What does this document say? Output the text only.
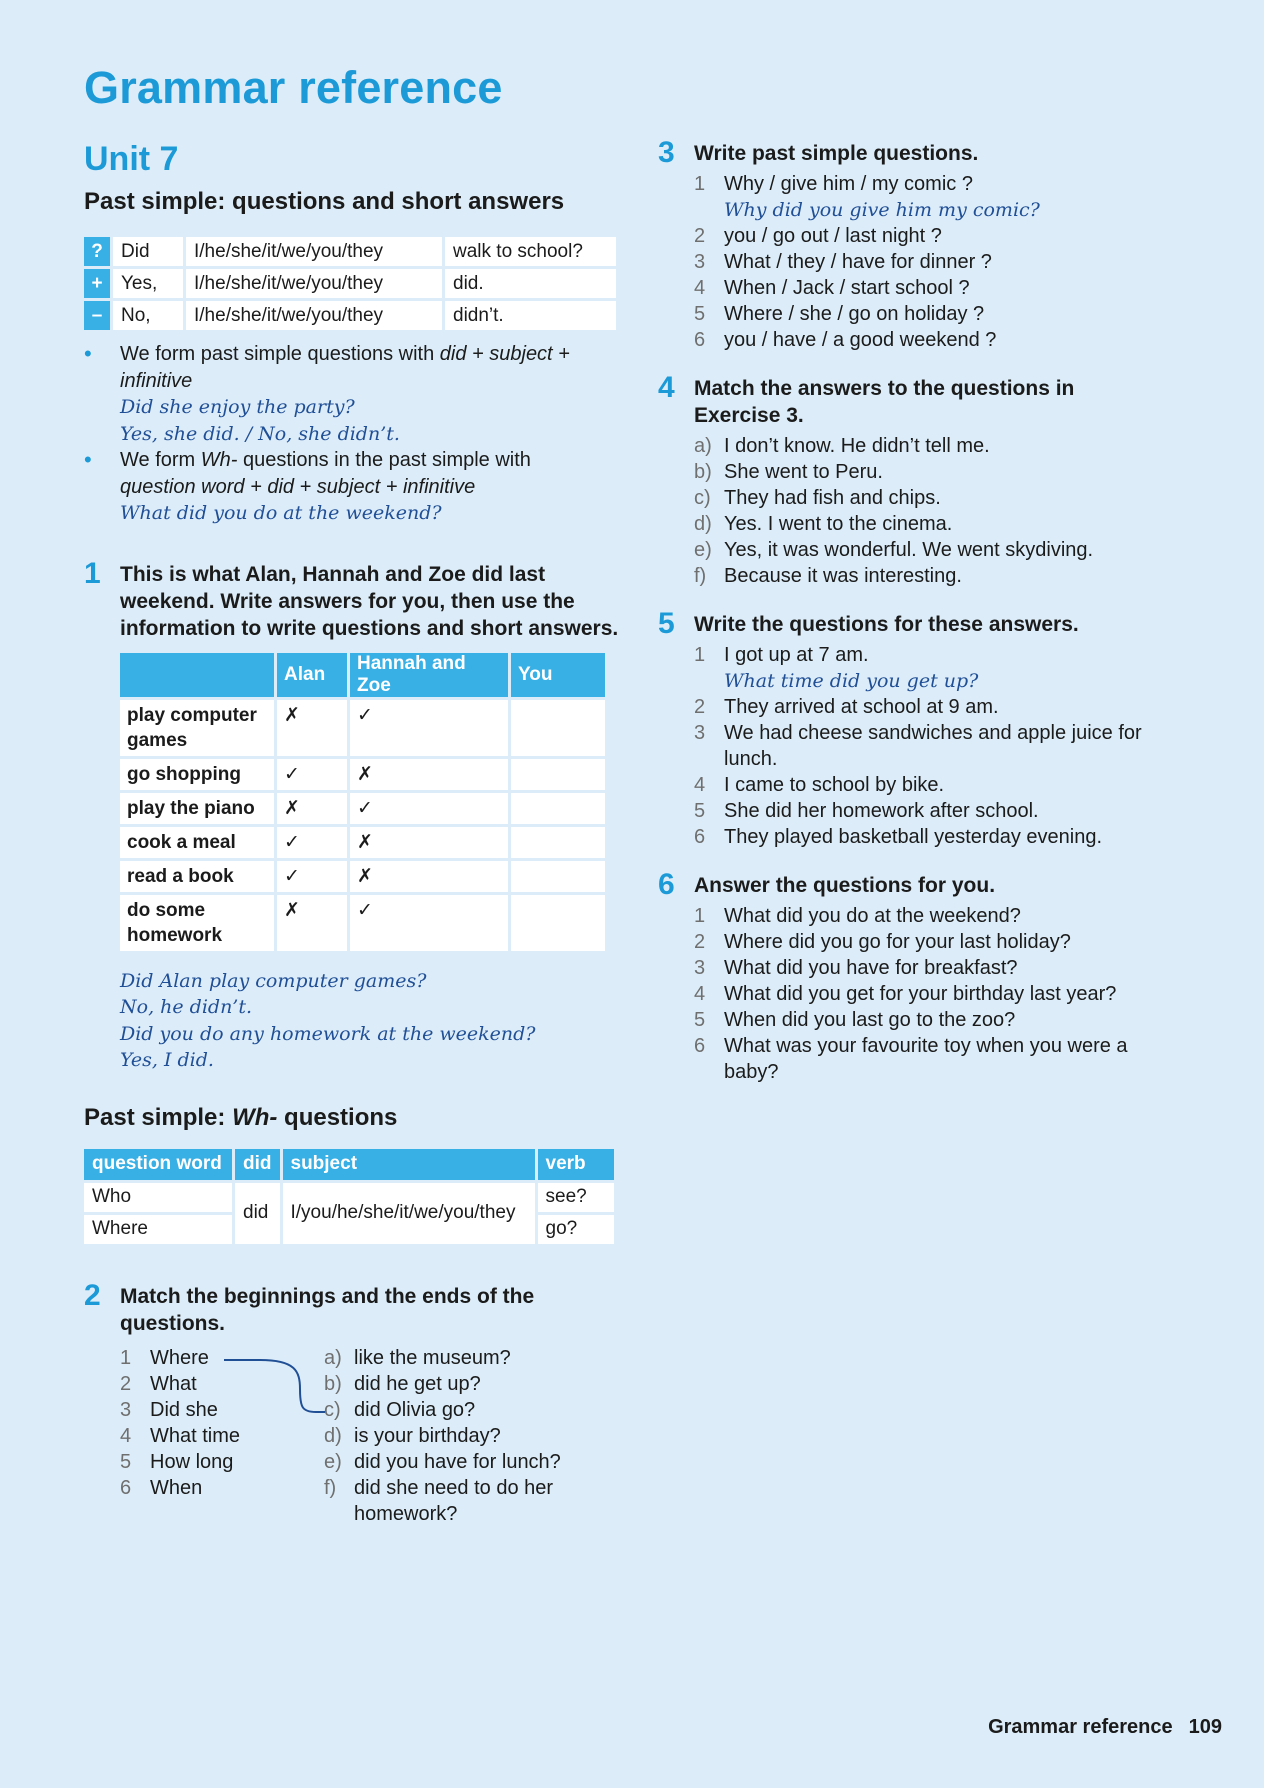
Grammar reference
Unit 7
Past simple: questions and short answers
?	Did	I/he/she/it/we/you/they	walk to school?
+	Yes,	I/he/she/it/we/you/they	did.
–	No,	I/he/she/it/we/you/they	didn’t.
• We form past simple questions with did + subject + infinitive
Did she enjoy the party?
Yes, she did. / No, she didn’t.
• We form Wh- questions in the past simple with
question word + did + subject + infinitive
What did you do at the weekend?
1 This is what Alan, Hannah and Zoe did last weekend. Write answers for you, then use the information to write questions and short answers.

	Alan	Hannah and Zoe	You
play computer games	✗	✓	
go shopping	✓	✗	
play the piano	✗	✓	
cook a meal	✓	✗	
read a book	✓	✗	
do some homework	✗	✓	
Did Alan play computer games?
No, he didn’t.
Did you do any homework at the weekend?
Yes, I did.
Past simple: Wh- questions
question word	did	subject	verb
Who	did	I/you/he/she/it/we/you/they	see?
Where			go?
2 Match the beginnings and the ends of the questions.

1 Where
2 What
3 Did she
4 What time
5 How long
6 When
a) like the museum?
b) did he get up?
c) did Olivia go?
d) is your birthday?
e) did you have for lunch?
f) did she need to do her homework?
3 Write past simple questions.

1 Why / give him / my comic ?
Why did you give him my comic?
2 you / go out / last night ?
3 What / they / have for dinner ?
4 When / Jack / start school ?
5 Where / she / go on holiday ?
6 you / have / a good weekend ?
4 Match the answers to the questions in Exercise 3.

a) I don’t know. He didn’t tell me.
b) She went to Peru.
c) They had fish and chips.
d) Yes. I went to the cinema.
e) Yes, it was wonderful. We went skydiving.
f) Because it was interesting.
5 Write the questions for these answers.

1 I got up at 7 am.
What time did you get up?
2 They arrived at school at 9 am.
3 We had cheese sandwiches and apple juice for lunch.
4 I came to school by bike.
5 She did her homework after school.
6 They played basketball yesterday evening.
6 Answer the questions for you.

1 What did you do at the weekend?
2 Where did you go for your last holiday?
3 What did you have for breakfast?
4 What did you get for your birthday last year?
5 When did you last go to the zoo?
6 What was your favourite toy when you were a baby?
Grammar reference 109
